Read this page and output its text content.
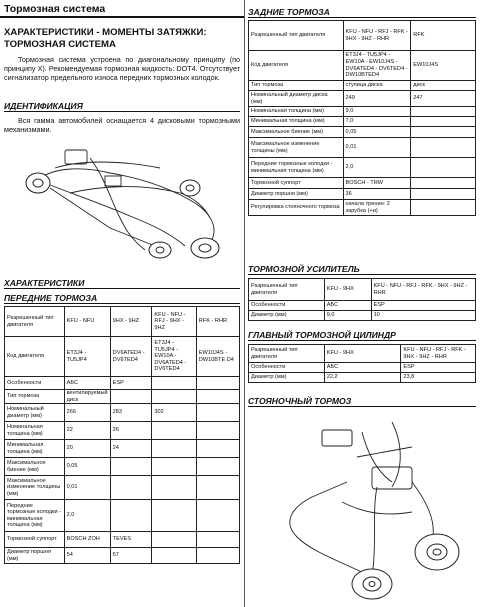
Тормозная система
ХАРАКТЕРИСТИКИ - МОМЕНТЫ ЗАТЯЖКИ: ТОРМОЗНАЯ СИСТЕМА
Тормозная система устроена по диагональному принципу (по принципу Х). Рекомендуемая тормозная жидкость: DOT4. Отсутствует сигнализатор предельного износа передних тормозных колодок.
ИДЕНТИФИКАЦИЯ
Вся гамма автомобилей оснащается 4 дисковыми тормозными механизмами.
ХАРАКТЕРИСТИКИ
ПЕРЕДНИЕ ТОРМОЗА
Разрешенный тип двигателя	KFU - NFU	9HX - 9HZ	KFU - NFU - RFJ - 9HX - 9HZ	RFK - RHR
Код двигателя	ET3J4 - TU5JP4	DV6ATED4 - DV6TED4	ET3J4 - TU5JP4 - EW10A - DV6ATED4 - DV6TED4	EW10J4S - DW10BTE D4
Особенности	АБС	ESP		
Тип тормоза	вентилируемый диск			
Номинальный диаметр (мм)	266	283	302	
Номинальная толщина (мм)	22	26		
Минимальная толщина (мм)	20	24		
Максимальное биение (мм)	0,05			
Максимальное изменение толщины (мм)	0,01			
Передние тормозные колодки - минимальная толщина (мм)	2,0			
Тормозной суппорт	BOSCH ZOH	TEVES		
Диаметр поршня (мм)	54	57		
ЗАДНИЕ ТОРМОЗА
Разрешенный тип двигателя	KFU - NFU - RFJ - RFK - 9HX - 9HZ - RHR	RFK
Код двигателя	ET3J4 - TU5JP4 - EW10A - EW10J4S - DV6ATED4 - DV6TED4 - DW10BTED4	EW10J4S
Тип тормоза	ступица диска	диск
Номинальный диаметр диска (мм)	249	247
Номинальная толщина (мм)	9,0	
Минимальная толщина (мм)	7,0	
Максимальное биение (мм)	0,05	
Максимальное изменение толщины (мм)	0,01	
Передние тормозные колодки - минимальная толщина (мм)	2,0	
Тормозной суппорт	BOSCH - TRW	
Диаметр поршня (мм)	36	
Регулировка стояночного тормоза	начала тренин: 2 зарубка (+и)	
ТОРМОЗНОЙ УСИЛИТЕЛЬ
Разрешенный тип двигателя	KFU - 9HX	KFU - NFU - RFJ - RFK - 9HX - 9HZ - RHR
Особенности	АБС	ESP
Диаметр (мм)	9,0	10
ГЛАВНЫЙ ТОРМОЗНОЙ ЦИЛИНДР
Разрешенный тип двигателя	KFU - 9HX	KFU - NFU - RFJ - RFK - 9HX - 9HZ - RHR
Особенности	АБС	ESP
Диаметр (мм)	22,2	23,8
СТОЯНОЧНЫЙ ТОРМОЗ
